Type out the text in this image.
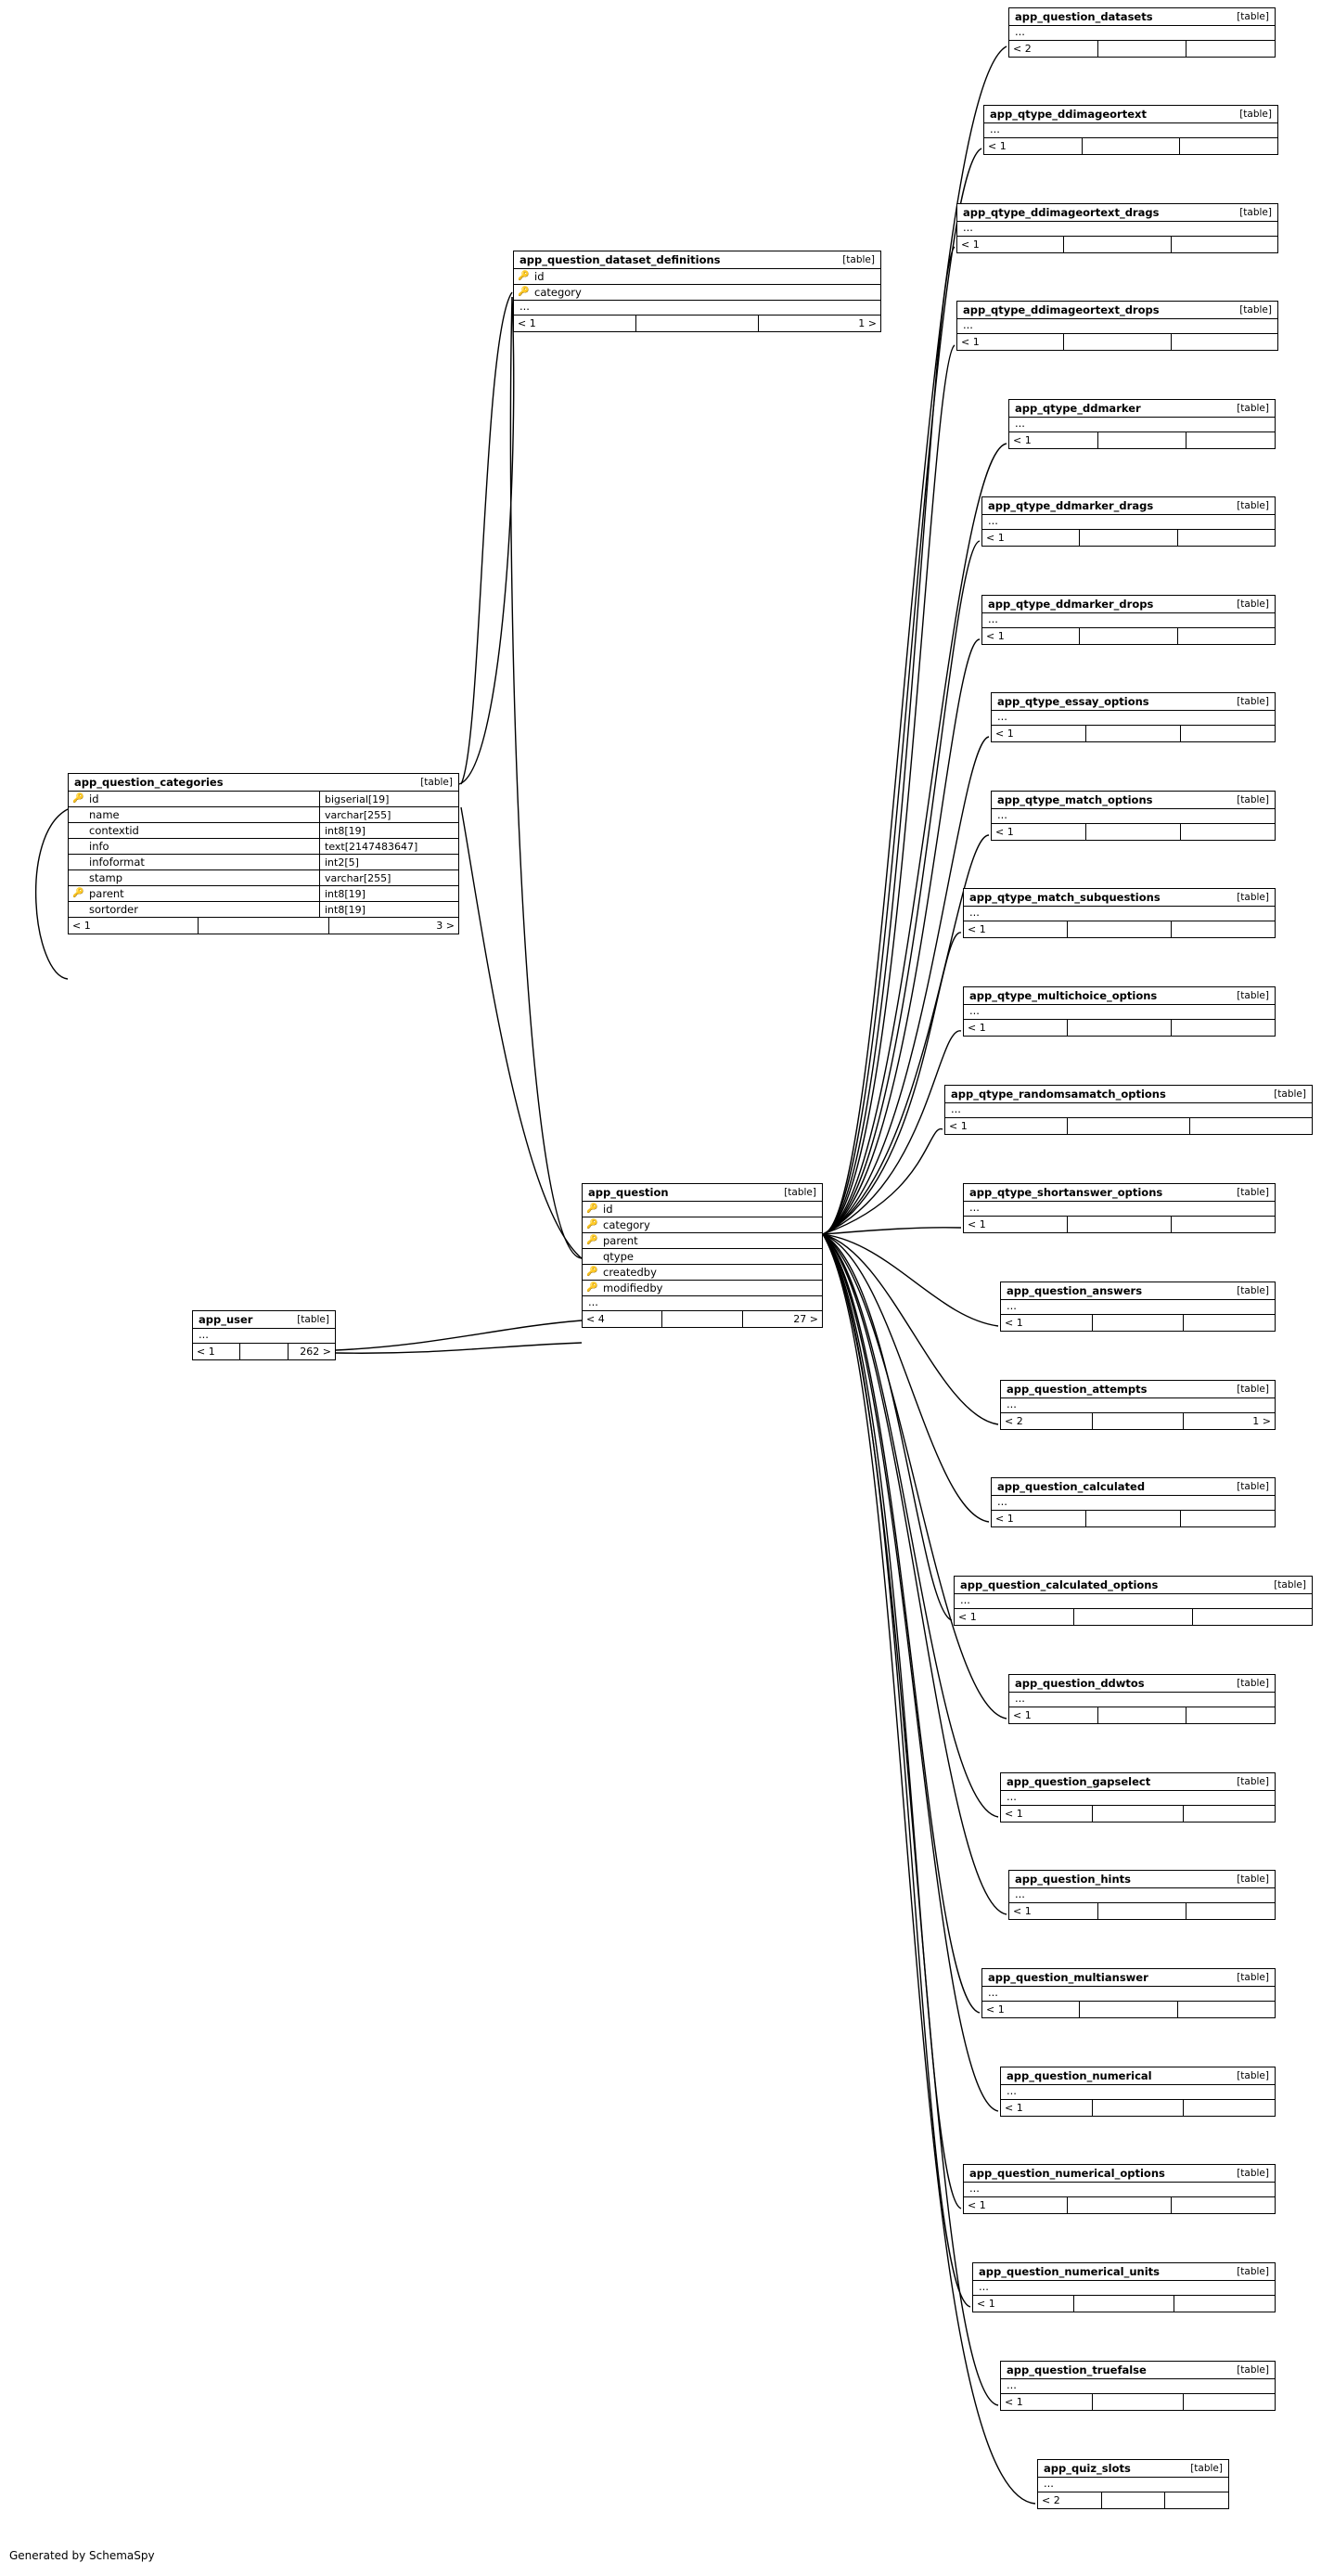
Generated by SchemaSpy
app_question_datasets	[table]
...
< 2
app_qtype_ddimageortext	[table]
...
< 1
app_qtype_ddimageortext_drags	[table]
...
< 1
app_qtype_ddimageortext_drops	[table]
...
< 1
app_qtype_ddmarker	[table]
...
< 1
app_qtype_ddmarker_drags	[table]
...
< 1
app_qtype_ddmarker_drops	[table]
...
< 1
app_qtype_essay_options	[table]
...
< 1
app_qtype_match_options	[table]
...
< 1
app_qtype_match_subquestions	[table]
...
< 1
app_qtype_multichoice_options	[table]
...
< 1
app_qtype_randomsamatch_options	[table]
...
< 1
app_qtype_shortanswer_options	[table]
...
< 1
app_question_answers	[table]
...
< 1
app_question_attempts	[table]
...
< 2	1 >
app_question_calculated	[table]
...
< 1
app_question_calculated_options	[table]
...
< 1
app_question_ddwtos	[table]
...
< 1
app_question_gapselect	[table]
...
< 1
app_question_hints	[table]
...
< 1
app_question_multianswer	[table]
...
< 1
app_question_numerical	[table]
...
< 1
app_question_numerical_options	[table]
...
< 1
app_question_numerical_units	[table]
...
< 1
app_question_truefalse	[table]
...
< 1
app_quiz_slots	[table]
...
< 2
app_question_dataset_definitions	[table]
🔑
id
🔑
category
...
< 1	1 >
app_question_categories	[table]
🔑
id	bigserial[19]
name	varchar[255]
contextid	int8[19]
info	text[2147483647]
infoformat	int2[5]
stamp	varchar[255]
🔑
parent	int8[19]
sortorder	int8[19]
< 1	3 >
app_question	[table]
🔑
id
🔑
category
🔑
parent
qtype
🔑
createdby
🔑
modifiedby
...
< 4	27 >
app_user	[table]
...
< 1	262 >
